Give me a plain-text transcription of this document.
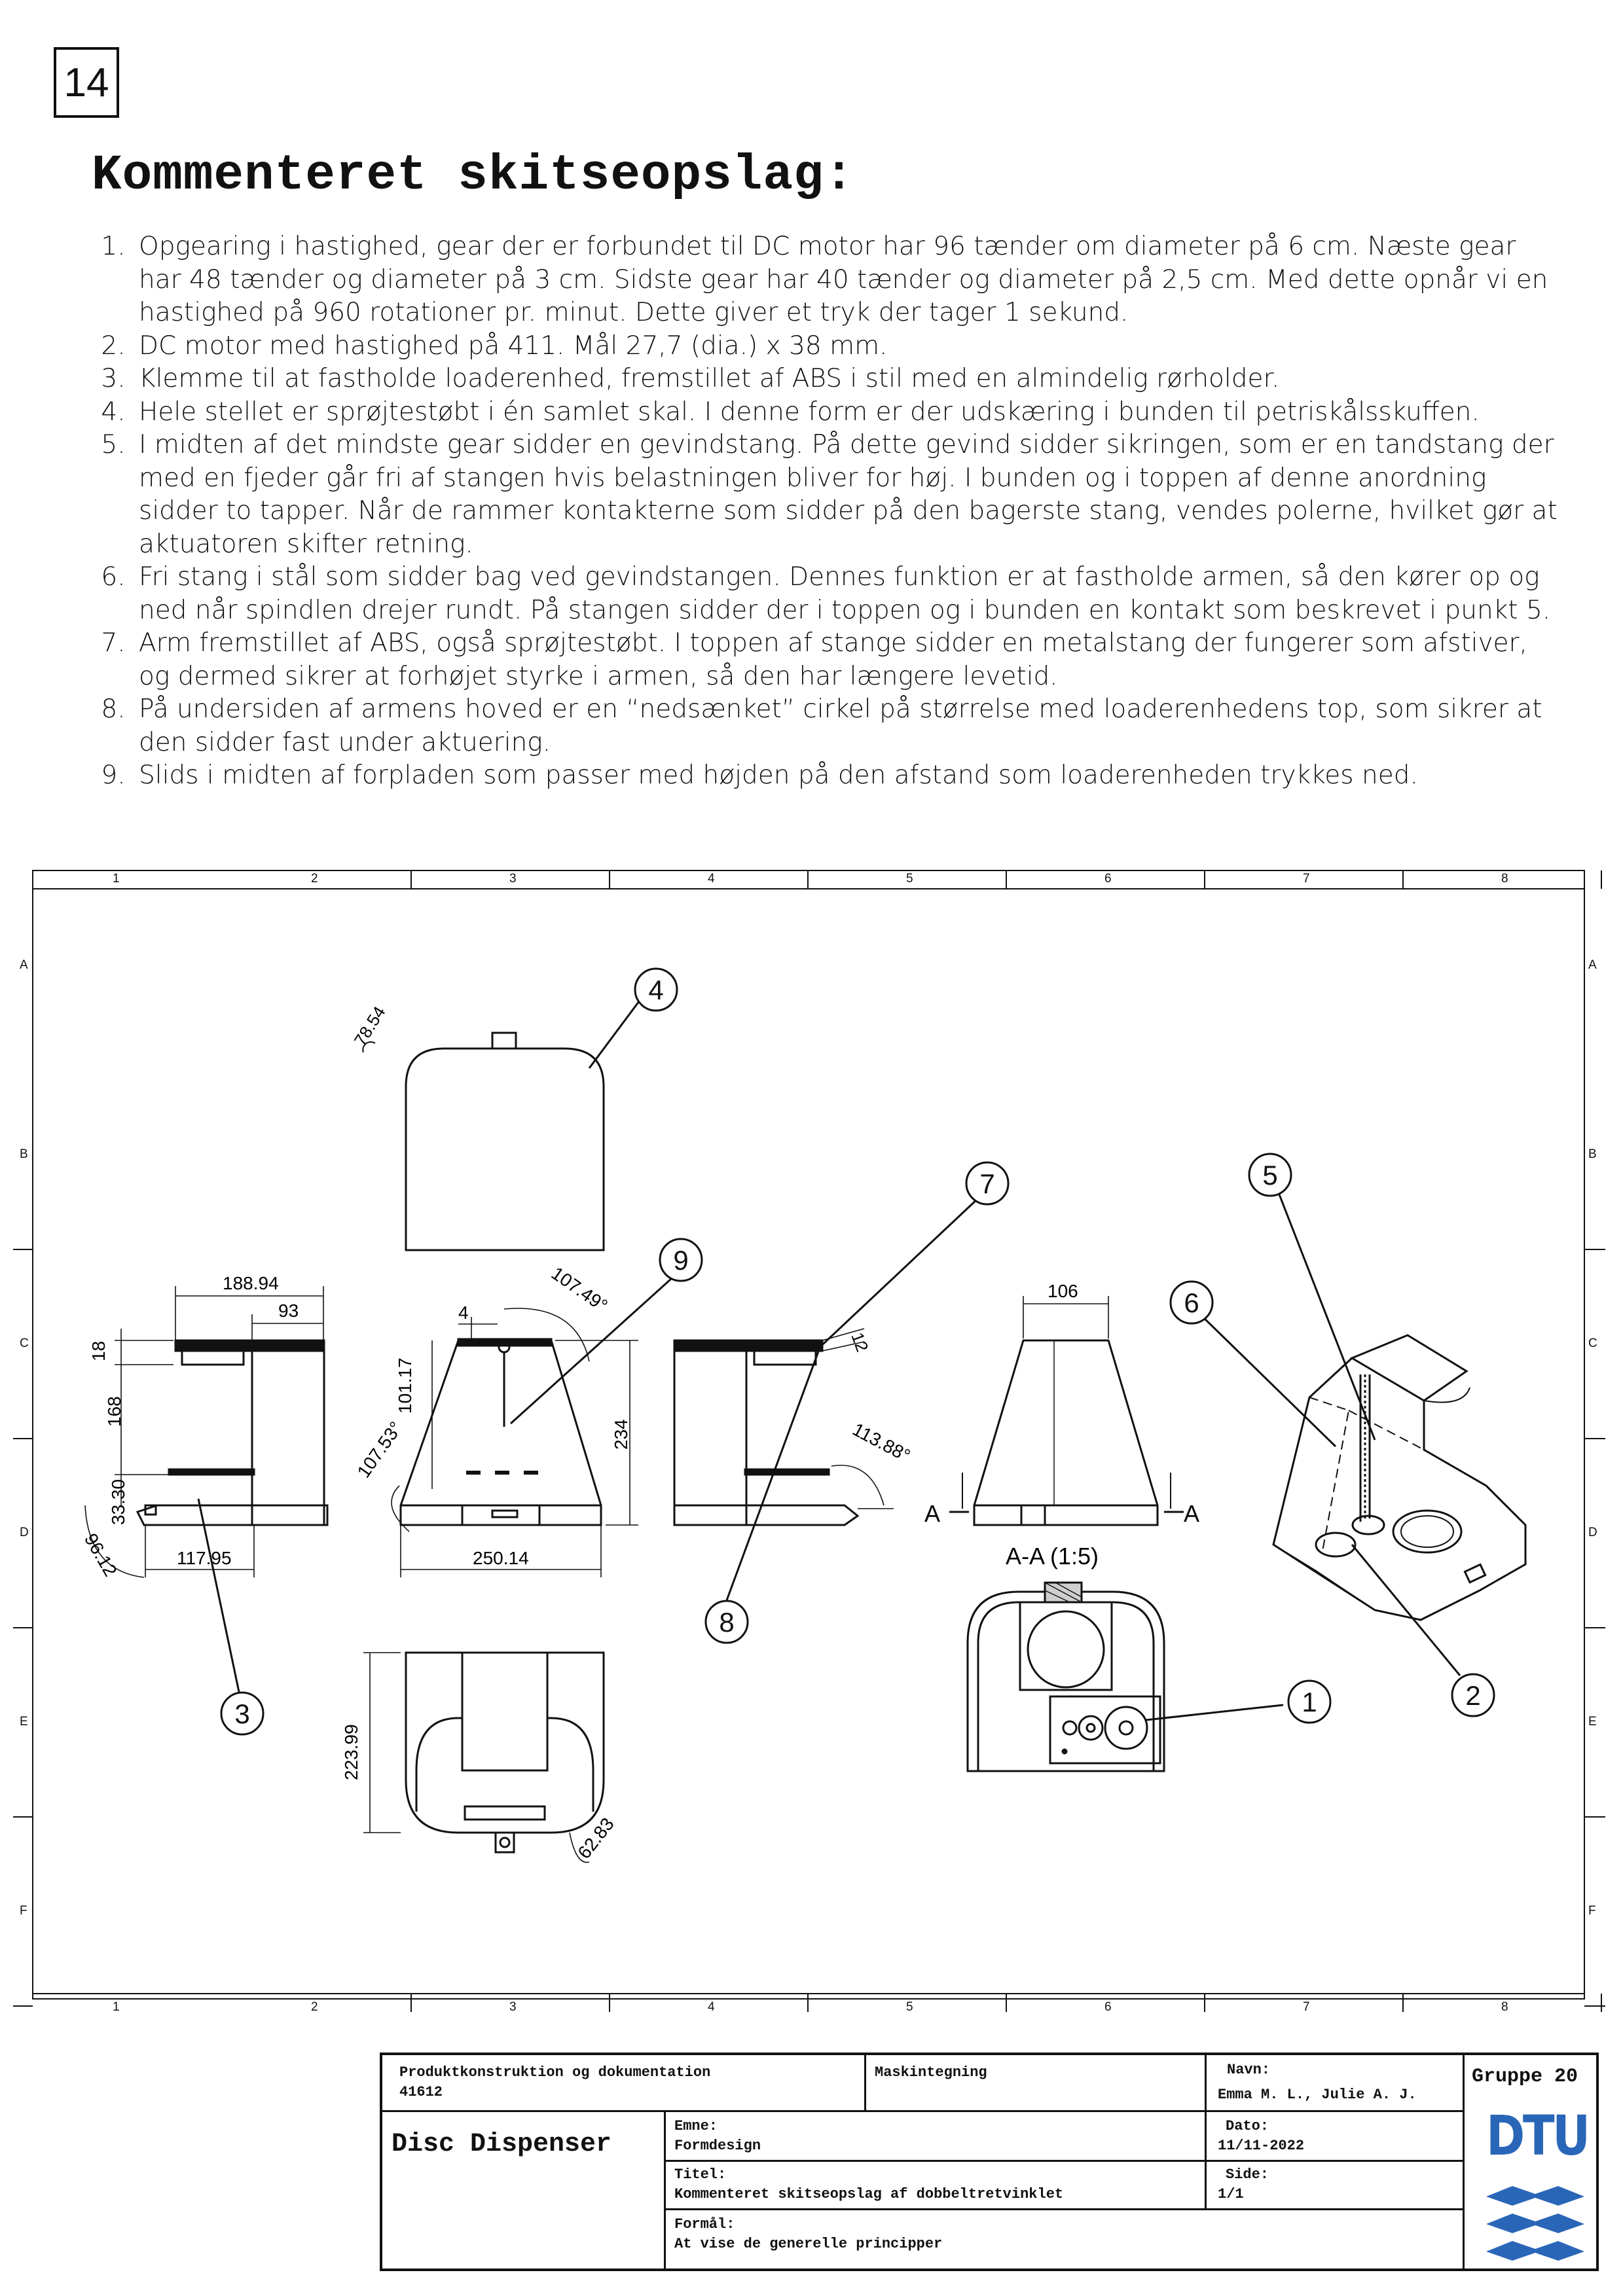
14
Kommenteret skitseopslag:
1. Opgearing i hastighed, gear der er forbundet til DC motor har 96 tænder om diameter på 6 cm. Næste gear har 48 tænder og diameter på 3 cm. Sidste gear har 40 tænder og diameter på 2,5 cm. Med dette opnår vi en hastighed på 960 rotationer pr. minut. Dette giver et tryk der tager 1 sekund.
2. DC motor med hastighed på 411. Mål 27,7 (dia.) x 38 mm.
3. Klemme til at fastholde loaderenhed, fremstillet af ABS i stil med en almindelig rørholder.
4. Hele stellet er sprøjtestøbt i én samlet skal. I denne form er der udskæring i bunden til petriskålsskuffen.
5. I midten af det mindste gear sidder en gevindstang. På dette gevind sidder sikringen, som er en tandstang der med en fjeder går fri af stangen hvis belastningen bliver for høj. I bunden og i toppen af denne anordning sidder to tapper. Når de rammer kontakterne som sidder på den bagerste stang, vendes polerne, hvilket gør at aktuatoren skifter retning.
6. Fri stang i stål som sidder bag ved gevindstangen. Dennes funktion er at fastholde armen, så den kører op og ned når spindlen drejer rundt. På stangen sidder der i toppen og i bunden en kontakt som beskrevet i punkt 5.
7. Arm fremstillet af ABS, også sprøjtestøbt. I toppen af stange sidder en metalstang der fungerer som afstiver, og dermed sikrer at forhøjet styrke i armen, så den har længere levetid.
8. På undersiden af armens hoved er en “nedsænket” cirkel på størrelse med loaderenhedens top, som sikrer at den sidder fast under aktuering.
9. Slids i midten af forpladen som passer med højden på den afstand som loaderenheden trykkes ned.
1
1
2
2
3
3
4
4
5
5
6
6
7
7
8
8
A	A
B	B
C	C
D	D
E	E
F	F
78.54
188.94
93
18
168
33.30
96.12	117.95
4	107.49°
101.17
107.53°	234
250.14
12
113.88°
106
A	A
A-A (1:5)
223.99
62.83
4
7
9
5
6
2
1
3
8
Produktkonstruktion og dokumentation
41612
Maskintegning	Navn:
Emma M. L., Julie A. J.
Gruppe 20
Disc Dispenser
Emne:
Formdesign
Dato:
11/11-2022
Titel:
Kommenteret skitseopslag af dobbeltretvinklet
Side:
1/1
Formål:
At vise de generelle principper
DTU
